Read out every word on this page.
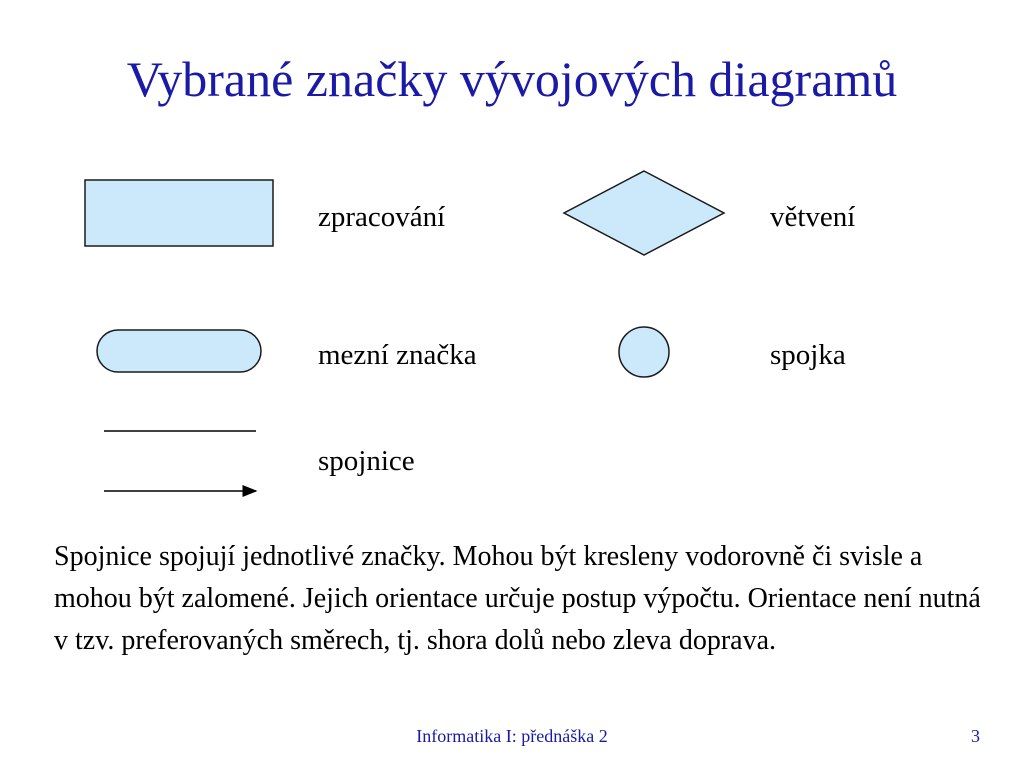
Vybrané značky vývojových diagramů
zpracování	větvení
mezní značka	spojka
spojnice
Spojnice spojují jednotlivé značky. Mohou být kresleny vodorovně či svisle a mohou být zalomené. Jejich orientace určuje postup výpočtu. Orientace není nutná v tzv. preferovaných směrech, tj. shora dolů nebo zleva doprava.
Informatika I: přednáška 2	3
